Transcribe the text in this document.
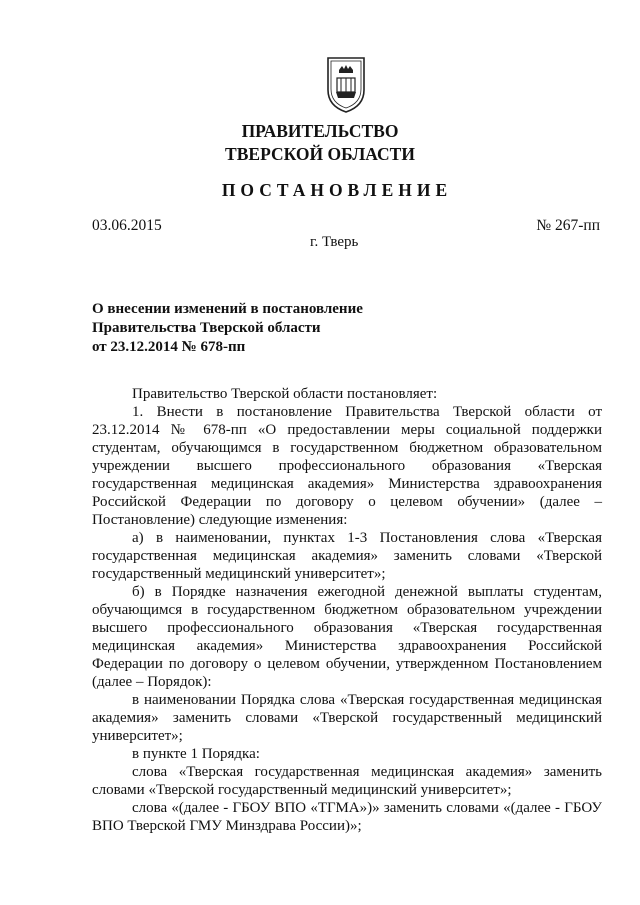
ПРАВИТЕЛЬСТВО
ТВЕРСКОЙ ОБЛАСТИ
ПОСТАНОВЛЕНИЕ
03.06.2015	№ 267-пп
г. Тверь
О внесении изменений в постановление
Правительства Тверской области
от 23.12.2014 № 678-пп

Правительство Тверской области постановляет:

1. Внести в постановление Правительства Тверской области от 23.12.2014 № 678-пп «О предоставлении меры социальной поддержки студентам, обучающимся в государственном бюджетном образовательном учреждении высшего профессионального образования «Тверская государственная медицинская академия» Министерства здравоохранения Российской Федерации по договору о целевом обучении» (далее – Постановление) следующие изменения:

а) в наименовании, пунктах 1-3 Постановления слова «Тверская государственная медицинская академия» заменить словами «Тверской государственный медицинский университет»;

б) в Порядке назначения ежегодной денежной выплаты студентам, обучающимся в государственном бюджетном образовательном учреждении высшего профессионального образования «Тверская государственная медицинская академия» Министерства здравоохранения Российской Федерации по договору о целевом обучении, утвержденном Постановлением (далее – Порядок):

в наименовании Порядка слова «Тверская государственная медицинская академия» заменить словами «Тверской государственный медицинский университет»;

в пункте 1 Порядка:

слова «Тверская государственная медицинская академия» заменить словами «Тверской государственный медицинский университет»;

слова «(далее - ГБОУ ВПО «ТГМА»)» заменить словами «(далее - ГБОУ ВПО Тверской ГМУ Минздрава России)»;
